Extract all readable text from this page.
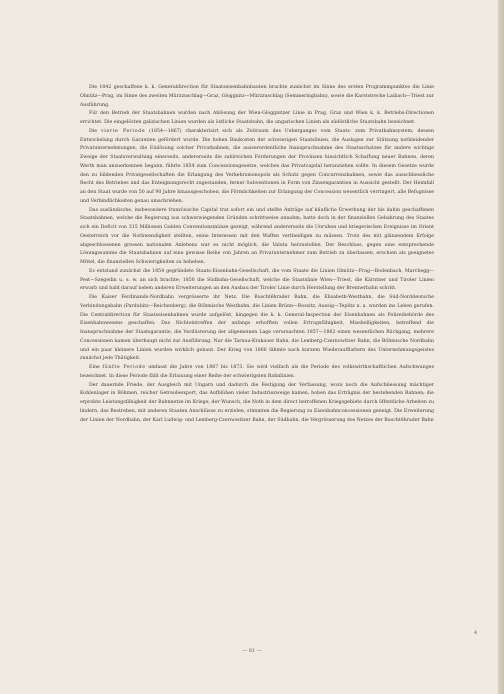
Die 1842 geschaffene k. k. Generaldirection für Staatseisenbahnbauten brachte zunächst im Sinne des ersten Programmpunktes die Linie Olmütz—Prag, im Sinne des zweiten Mürzzuschlag—Graz, Gloggnitz—Mürzzuschlag (Semmeringbahn), sowie die Karststrecke Laibach—Triest zur Ausführung.

Für den Betrieb der Staatsbahnen wurden nach Ablösung der Wien-Gloggnitzer Linie in Prag, Graz und Wien k. k. Betriebs-Directionen errichtet. Die eingelösten galizischen Linien wurden als östliche Staatsbahn, die ungarischen Linien als südöstliche Staatsbahn bezeichnet.

Die vierte Periode (1854—1867) charakterisirt sich als Zeitraum des Ueberganges vom Staats- zum Privatbahnsystem, dessen Entwickelung durch Garantien gefördert wurde. Die hohen Baukosten der schwierigen Staatslinien, die Auslagen zur Stützung nothleidender Privatunternehmungen, die Einlösung solcher Privatbahnen, die ausserordentliche Inanspruchnahme des Staatsschatzes für andere wichtige Zweige der Staatsverwaltung einerseits, andererseits die zahlreichen Forderungen der Provinzen hinsichtlich Schaffung neuer Bahnen, deren Werth man anzuerkennen begann, führte 1854 zum Concessionsgesetze, welches das Privatcapital heranziehen sollte. In diesem Gesetze wurde den zu bildenden Privatgesellschaften die Erlangung des Verkehrsmonopols als Schutz gegen Concurrenzbahnen, sowie das ausschliessliche Recht des Betriebes und das Enteignungsrecht zugestanden, ferner Subventionen in Form von Zinsengarantien in Aussicht gestellt. Der Heimfall an den Staat wurde von 50 auf 90 Jahre hinausgeschoben, die Förmlichkeiten zur Erlangung der Concession wesentlich verringert, alle Befugnisse und Verbindlichkeiten genau umschrieben.

Das ausländische, insbesondere französische Capital trat sofort ein und stellte Anträge auf käufliche Erwerbung der bis dahin geschaffenen Staatsbahnen, welche die Regierung aus schwerwiegenden Gründen schrittweise annahm; hatte doch in der finanziellen Gebahrung des Staates sich ein Deficit von 315 Millionen Gulden Conventionsmünze gezeigt, während andererseits die Unruhen und kriegerischen Ereignisse im Orient Oesterreich vor die Nothwendigkeit stellten, seine Interessen mit den Waffen vertheidigen zu müssen. Trotz des mit glänzendem Erfolge abgeschlossenen grossen nationalen Anlehens war es nicht möglich, die Valuta herzustellen. Der Beschluss, gegen eine entsprechende Lösungssumme die Staatsbahnen auf eine gewisse Reihe von Jahren an Privatunternehmer zum Betrieb zu überlassen, erschien als geeignetes Mittel, die finanziellen Schwierigkeiten zu beheben.

Es entstand zunächst die 1854 gegründete Staats-Eisenbahn-Gesellschaft, die vom Staate die Linien Olmütz—Prag—Bodenbach, Marchegg—Pest—Szegedin u. s. w. an sich brachte; 1858 die Südbahn-Gesellschaft, welche die Staatslinie Wien—Triest, die Kärntner und Tiroler Linien erwarb und bald darauf neben anderen Erweiterungen an den Ausbau der Tiroler Linie durch Herstellung der Brennerbahn schritt.

Die Kaiser Ferdinands-Nordbahn vergrösserte ihr Netz. Die Buschtěhrader Bahn, die Elisabeth-Westbahn, die Süd-Norddeutsche Verbindungsbahn (Pardubitz—Reichenberg), die Böhmische Westbahn, die Linien Brünn—Rossitz, Aussig—Teplitz u. a. wurden ins Leben gerufen. Die Centraldirection für Staatseisenbahnen wurde aufgelöst, hingegen die k. k. General-Inspection der Eisenbahnen als Polizeibehörde des Eisenbahnwesens geschaffen. Das Nichteintreffen der anfangs erhofften vollen Ertragsfähigkeit, Misshelligkeiten, betreffend die Inanspruchnahme der Staatsgarantie, die Verdüsterung der allgemeinen Lage verursachten 1857—1862 einen wesentlichen Rückgang, mehrere Concessionen kamen überhaupt nicht zur Ausführung. Nur die Tarnau-Krakauer Bahn, die Lemberg-Czernowitzer Bahn, die Böhmische Nordbahn und ein paar kleinere Linien wurden wirklich gebaut. Der Krieg von 1866 lähmte nach kurzem Wiederaufflattern des Unternehmungsgeistes zunächst jede Thätigkeit.

Eine fünfte Periode umfasst die Jahre von 1867 bis 1873. Sie wird vielfach als die Periode des volkswirthschaftlichen Aufschwunges bezeichnet. In diese Periode fällt die Erbauung einer Reihe der schwierigsten Bahnlinien.

Der dauernde Friede, der Ausgleich mit Ungarn und dadurch die Festigung der Verfassung, wozu noch die Aufschliessung mächtiger Kohlenlager in Böhmen, reicher Getreideexport, das Aufblühen vieler Industriezweige kamen, hoben das Erträgnis der bestehenden Bahnen; die erprobte Leistungsfähigkeit der Bahnnetze im Kriege, der Wunsch, die Noth in dem direct betroffenen Kriegsgebiete durch öffentliche Arbeiten zu lindern, das Bestreben, mit anderen Staaten Anschlüsse zu erzielen, stimmten die Regierung zu Eisenbahnconcessionen geneigt. Die Erweiterung der Linien der Nordbahn, der Karl Ludwig- und Lemberg-Czernowitzer Bahn, der Südbahn, die Vergrösserung des Netzes der Buschtěhrader Bahn

— 81 —
4
